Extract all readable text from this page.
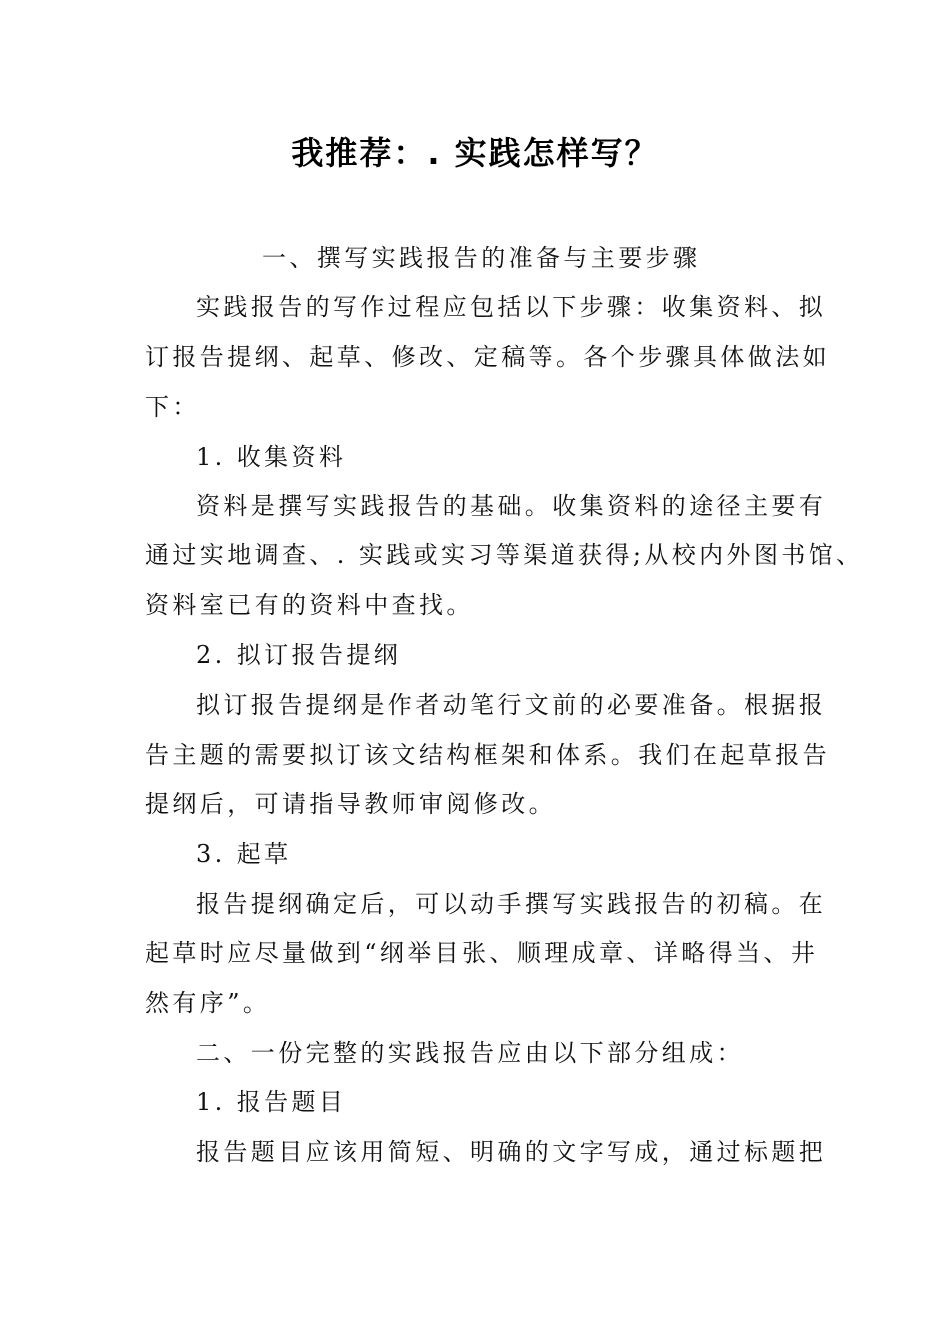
我推荐：. 实践怎样写？
一、撰写实践报告的准备与主要步骤
实践报告的写作过程应包括以下步骤：收集资料、拟
订报告提纲、起草、修改、定稿等。各个步骤具体做法如
下：
1. 收集资料
资料是撰写实践报告的基础。收集资料的途径主要有
通过实地调查、. 实践或实习等渠道获得;从校内外图书馆、
资料室已有的资料中查找。
2. 拟订报告提纲
拟订报告提纲是作者动笔行文前的必要准备。根据报
告主题的需要拟订该文结构框架和体系。我们在起草报告
提纲后，可请指导教师审阅修改。
3. 起草
报告提纲确定后，可以动手撰写实践报告的初稿。在
起草时应尽量做到“纲举目张、顺理成章、详略得当、井
然有序”。
二、一份完整的实践报告应由以下部分组成：
1. 报告题目
报告题目应该用简短、明确的文字写成，通过标题把
